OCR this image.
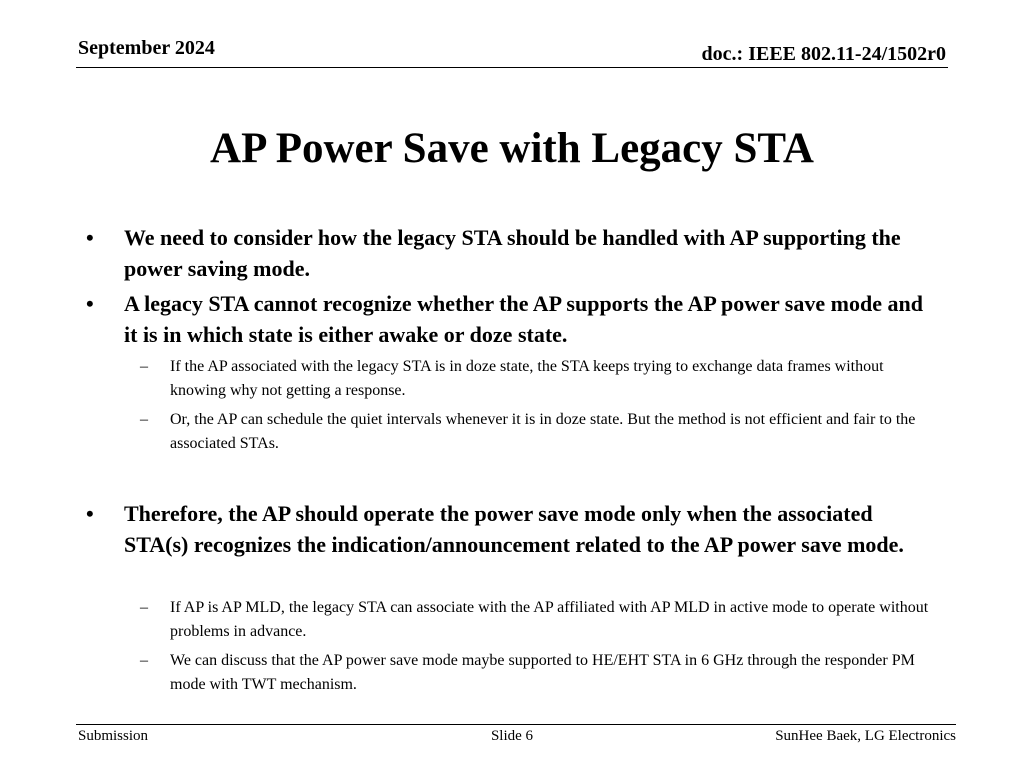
September 2024	doc.: IEEE 802.11-24/1502r0
AP Power Save with Legacy STA
• We need to consider how the legacy STA should be handled with AP supporting the power saving mode.
• A legacy STA cannot recognize whether the AP supports the AP power save mode and it is in which state is either awake or doze state.
– If the AP associated with the legacy STA is in doze state, the STA keeps trying to exchange data frames without knowing why not getting a response.
– Or, the AP can schedule the quiet intervals whenever it is in doze state. But the method is not efficient and fair to the associated STAs.
• Therefore, the AP should operate the power save mode only when the associated STA(s) recognizes the indication/announcement related to the AP power save mode.
– If AP is AP MLD, the legacy STA can associate with the AP affiliated with AP MLD in active mode to operate without problems in advance.
– We can discuss that the AP power save mode maybe supported to HE/EHT STA in 6 GHz through the responder PM mode with TWT mechanism.
Submission	Slide 6	SunHee Baek, LG Electronics
